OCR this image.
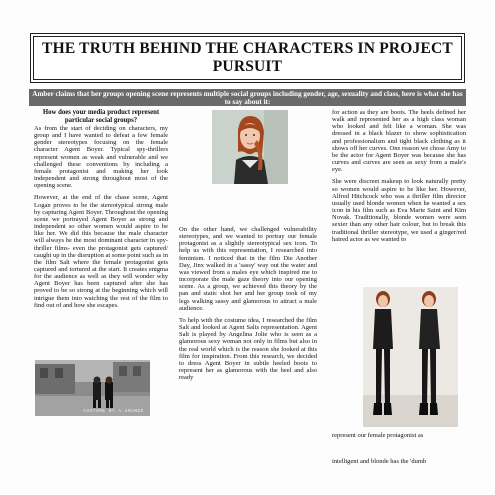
THE TRUTH BEHIND THE CHARACTERS IN PROJECT PURSUIT
Amber claims that her groups opening scene represents multiple social groups including gender, age, sexuality and class, here is what she has to say about it:
How does your media product represent particular social groups?

As from the start of deciding on characters, my group and I have wanted to defeat a few female gender stereotypes focusing on the female character Agent Boyer. Typical spy-thrillers represent women as weak and vulnerable and we challenged these conventions by including a female protagonist and making her look independent and strong throughout most of the opening scene.

However, at the end of the chase scene, Agent Logan proves to be the stereotypical strong male by capturing Agent Boyer. Throughout the opening scene we portrayed Agent Boyer as strong and independent so other women would aspire to be like her. We did this because the male character will always be the most dominant character in spy-thriller films- even the protagonist gets captured/ caught up in the disruption at some point such as in the film Salt where the female protagonist gets captured and tortured at the start. It creates enigma for the audience as well as they will wonder why Agent Boyer has been captured after she has proved to be so strong at the beginning which will intrigue them into watching the rest of the film to find out of and how she escapes.

COSTUME BY A.GRUNGE

On the other hand, we challenged vulnerability stereotypes, and we wanted to portray our female protagonist as a slightly stereotypical sex icon. To help us with this representation, I researched into feminism. I noticed that in the film Die Another Day, Jinx walked in a 'sassy' way out the water and was viewed from a males eye which inspired me to incorporate the male gaze theory into our opening scene. As a group, we achieved this theory by the pan and static shot her and her group took of my legs walking sassy and glamorous to attract a male audience.

To help with the costume idea, I researched the film Salt and looked at Agent Salts representation. Agent Salt is played by Angelina Jolie who is seen as a glamorous sexy woman not only in films but also in the real world which is the reason she looked at this film for inspiration. From this research, we decided to dress Agent Boyer in subtle heeled boots to represent her as glamorous with the heel and also ready

for action as they are boots. The heels defined her walk and represented her as a high class woman who looked and felt like a woman. She was dressed in a black blazer to show sophistication and professionalism and tight black clothing as it shows off her curves. One reason we chose Amy to be the actor for Agent Boyer was because she has curves and curves are seen as sexy from a male's eye.

She were discreet makeup to look naturally pretty so women would aspire to be like her. However, Alfred Hitchcock who was a thriller film director usually used blonde women when he wanted a sex icon in his film such as Eva Marie Saint and Kim Novak. Traditionally, blonde women were seen sexier than any other hair colour, but to break this traditional thriller stereotype, we used a ginger/red haired actor as we wanted to

represent our female protagonist as

intelligent and blonde has the 'dumb
